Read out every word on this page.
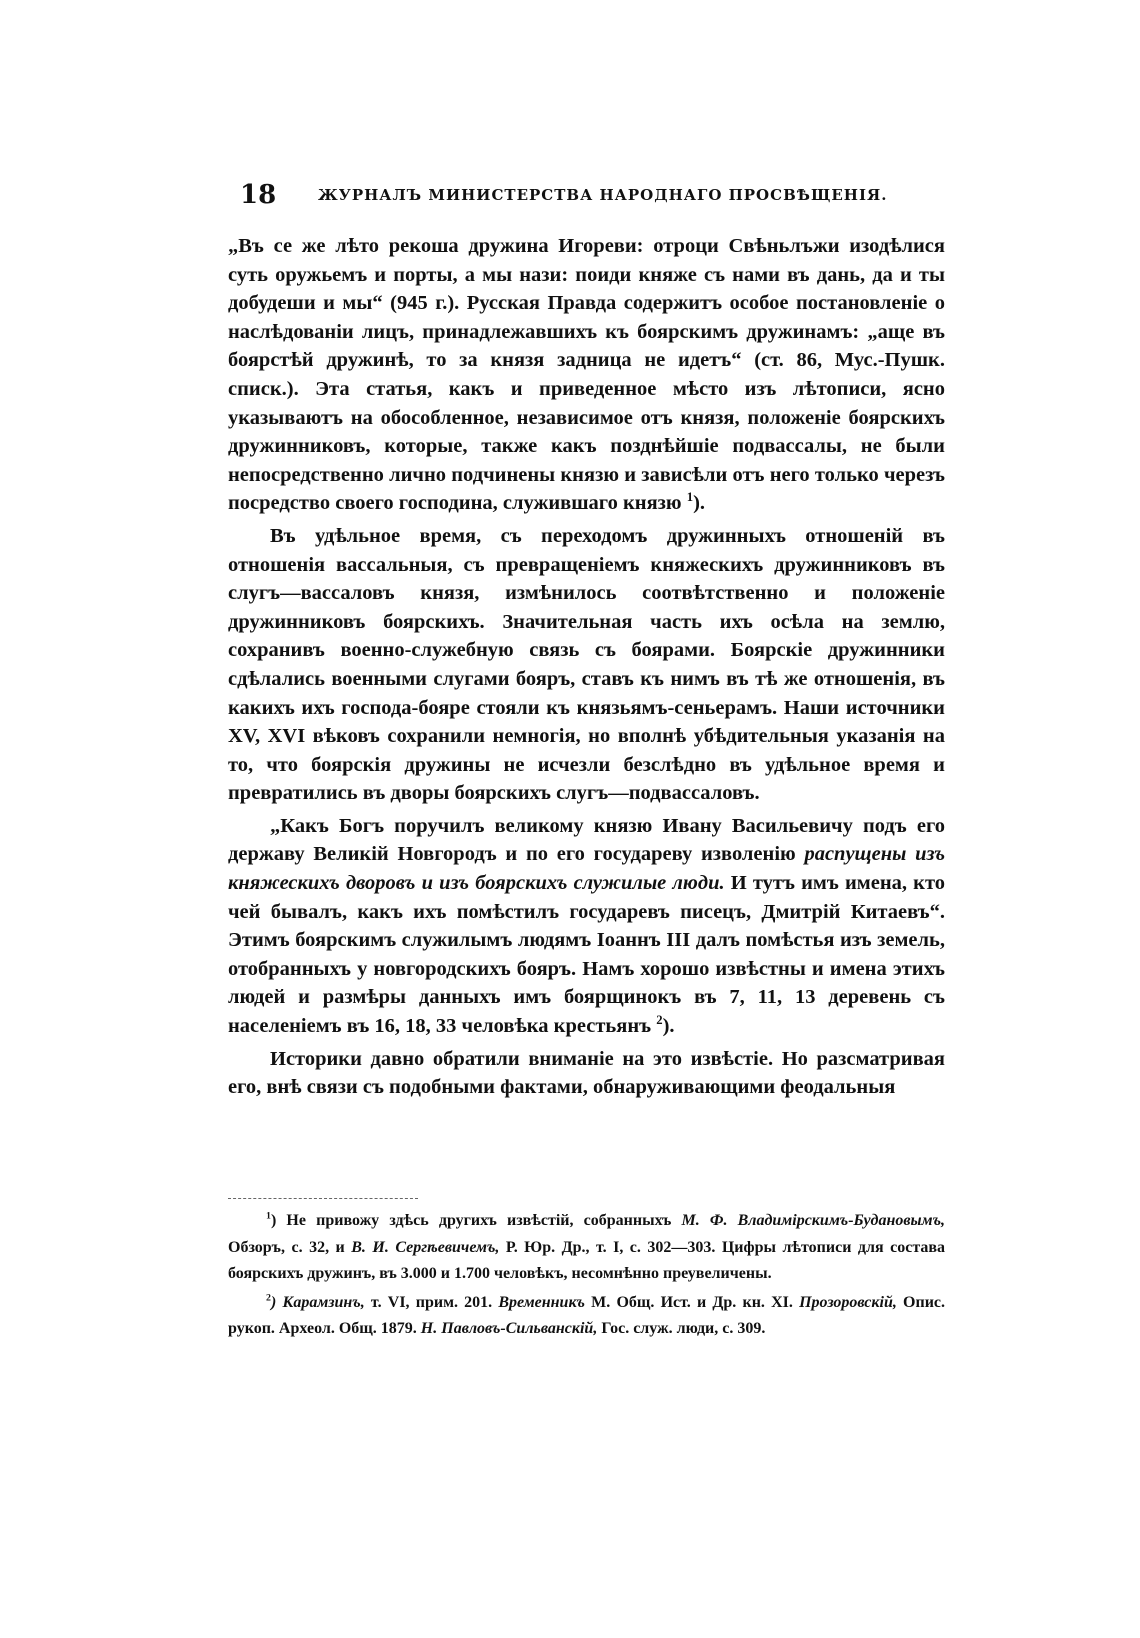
18	ЖУРНАЛЪ МИНИСТЕРСТВА НАРОДНАГО ПРОСВѢЩЕНІЯ.

„Въ се же лѣто рекоша дружина Игореви: отроци Свѣньлъжи изодѣлися суть оружьемъ и порты, а мы нази: поиди княже съ нами въ дань, да и ты добудеши и мы“ (945 г.). Русская Правда содержитъ особое постановленіе о наслѣдованіи лицъ, принадлежавшихъ къ боярскимъ дружинамъ: „аще въ боярстѣй дружинѣ, то за князя задница не идетъ“ (ст. 86, Мус.-Пушк. списк.). Эта статья, какъ и приведенное мѣсто изъ лѣтописи, ясно указываютъ на обособленное, независимое отъ князя, положеніе боярскихъ дружинниковъ, которые, также какъ позднѣйшіе подвассалы, не были непосредственно лично подчинены князю и зависѣли отъ него только черезъ посредство своего господина, служившаго князю $^1$).

Въ удѣльное время, съ переходомъ дружинныхъ отношеній въ отношенія вассальныя, съ превращеніемъ княжескихъ дружинниковъ въ слугъ—вассаловъ князя, измѣнилось соотвѣтственно и положеніе дружинниковъ боярскихъ. Значительная часть ихъ осѣла на землю, сохранивъ военно-служебную связь съ боярами. Боярскіе дружинники сдѣлались военными слугами бояръ, ставъ къ нимъ въ тѣ же отношенія, въ какихъ ихъ господа-бояре стояли къ князьямъ-сеньерамъ. Наши источники XV, XVI вѣковъ сохранили немногія, но вполнѣ убѣдительныя указанія на то, что боярскія дружины не исчезли безслѣдно въ удѣльное время и превратились въ дворы боярскихъ слугъ—подвассаловъ.

„Какъ Богъ поручилъ великому князю Ивану Васильевичу подъ его державу Великій Новгородъ и по его государеву изволенію распущены изъ княжескихъ дворовъ и изъ боярскихъ служилые люди. И тутъ имъ имена, кто чей бывалъ, какъ ихъ помѣстилъ государевъ писецъ, Дмитрій Китаевъ“. Этимъ боярскимъ служилымъ людямъ Іоаннъ III далъ помѣстья изъ земель, отобранныхъ у новгородскихъ бояръ. Намъ хорошо извѣстны и имена этихъ людей и размѣры данныхъ имъ боярщинокъ въ 7, 11, 13 деревень съ населеніемъ въ 16, 18, 33 человѣка крестьянъ $^2$).

Историки давно обратили вниманіе на это извѣстіе. Но разсматривая его, внѣ связи съ подобными фактами, обнаруживающими феодальныя

$^1$) Не привожу здѣсь другихъ извѣстій, собранныхъ М. Ф. Владимірскимъ-Будановымъ, Обзоръ, с. 32, и В. И. Сергѣевичемъ, Р. Юр. Др., т. I, с. 302—303. Цифры лѣтописи для состава боярскихъ дружинъ, въ 3.000 и 1.700 человѣкъ, несомнѣнно преувеличены.

$^2$) Карамзинъ, т. VI, прим. 201. Временникъ М. Общ. Ист. и Др. кн. XI. Прозоровскій, Опис. рукоп. Археол. Общ. 1879. Н. Павловъ-Сильванскій, Гос. служ. люди, с. 309.
